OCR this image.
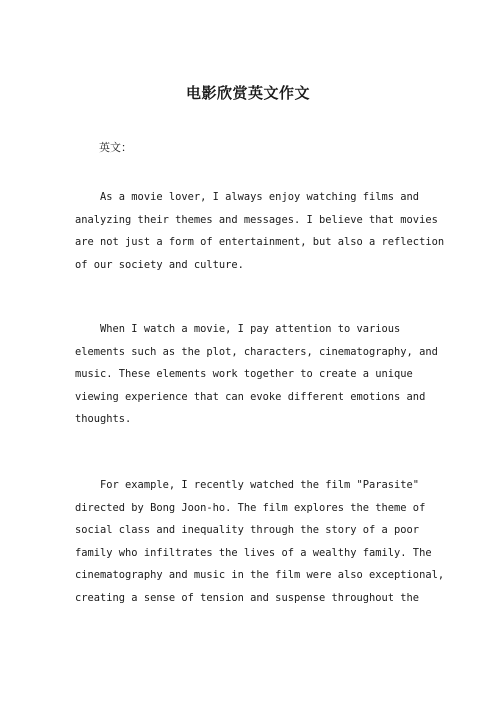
电影欣赏英文作文
英文：
As a movie lover, I always enjoy watching films and
analyzing their themes and messages. I believe that movies
are not just a form of entertainment, but also a reflection
of our society and culture.
When I watch a movie, I pay attention to various
elements such as the plot, characters, cinematography, and
music. These elements work together to create a unique
viewing experience that can evoke different emotions and
thoughts.
For example, I recently watched the film "Parasite"
directed by Bong Joon-ho. The film explores the theme of
social class and inequality through the story of a poor
family who infiltrates the lives of a wealthy family. The
cinematography and music in the film were also exceptional,
creating a sense of tension and suspense throughout the
